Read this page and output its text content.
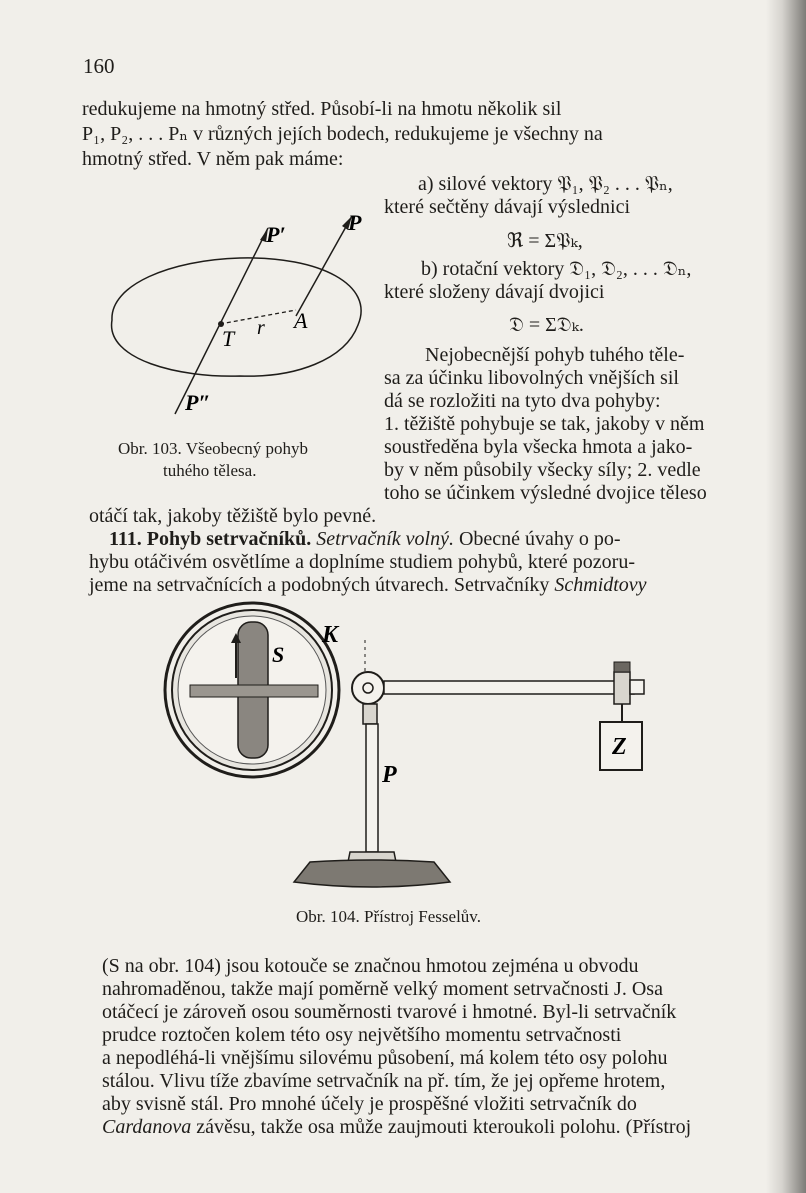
160
redukujeme na hmotný střed. Působí-li na hmotu několik sil
P₁, P₂, . . . Pₙ v různých jejích bodech, redukujeme je všechny na
hmotný střed. V něm pak máme:
a) silové vektory 𝔓₁, 𝔓₂ . . . 𝔓ₙ,
které sečtěny dávají výslednici
ℜ = Σ𝔓ₖ,
b) rotační vektory 𝔇₁, 𝔇₂, . . . 𝔇ₙ,
které složeny dávají dvojici
𝔇 = Σ𝔇ₖ.
Nejobecnější pohyb tuhého těle-
sa za účinku libovolných vnějších sil
dá se rozložiti na tyto dva pohyby:
1. těžiště pohybuje se tak, jakoby v něm
soustředěna byla všecka hmota a jako-
by v něm působily všecky síly; 2. vedle
toho se účinkem výsledné dvojice těleso
P′	P
A
T r
P″
Obr. 103. Všeobecný pohyb
tuhého tělesa.
otáčí tak, jakoby těžiště bylo pevné.
111. Pohyb setrvačníků. Setrvačník volný. Obecné úvahy o po-
hybu otáčivém osvětlíme a doplníme studiem pohybů, které pozoru-
jeme na setrvačnících a podobných útvarech. Setrvačníky Schmidtovy
S
K
Z
P
Obr. 104. Přístroj Fesselův.
(S na obr. 104) jsou kotouče se značnou hmotou zejména u obvodu
nahromaděnou, takže mají poměrně velký moment setrvačnosti J. Osa
otáčecí je zároveň osou souměrnosti tvarové i hmotné. Byl-li setrvačník
prudce roztočen kolem této osy největšího momentu setrvačnosti
a nepodléhá-li vnějšímu silovému působení, má kolem této osy polohu
stálou. Vlivu tíže zbavíme setrvačník na př. tím, že jej opřeme hrotem,
aby svisně stál. Pro mnohé účely je prospěšné vložiti setrvačník do
Cardanova závěsu, takže osa může zaujmouti kteroukoli polohu. (Přístroj
